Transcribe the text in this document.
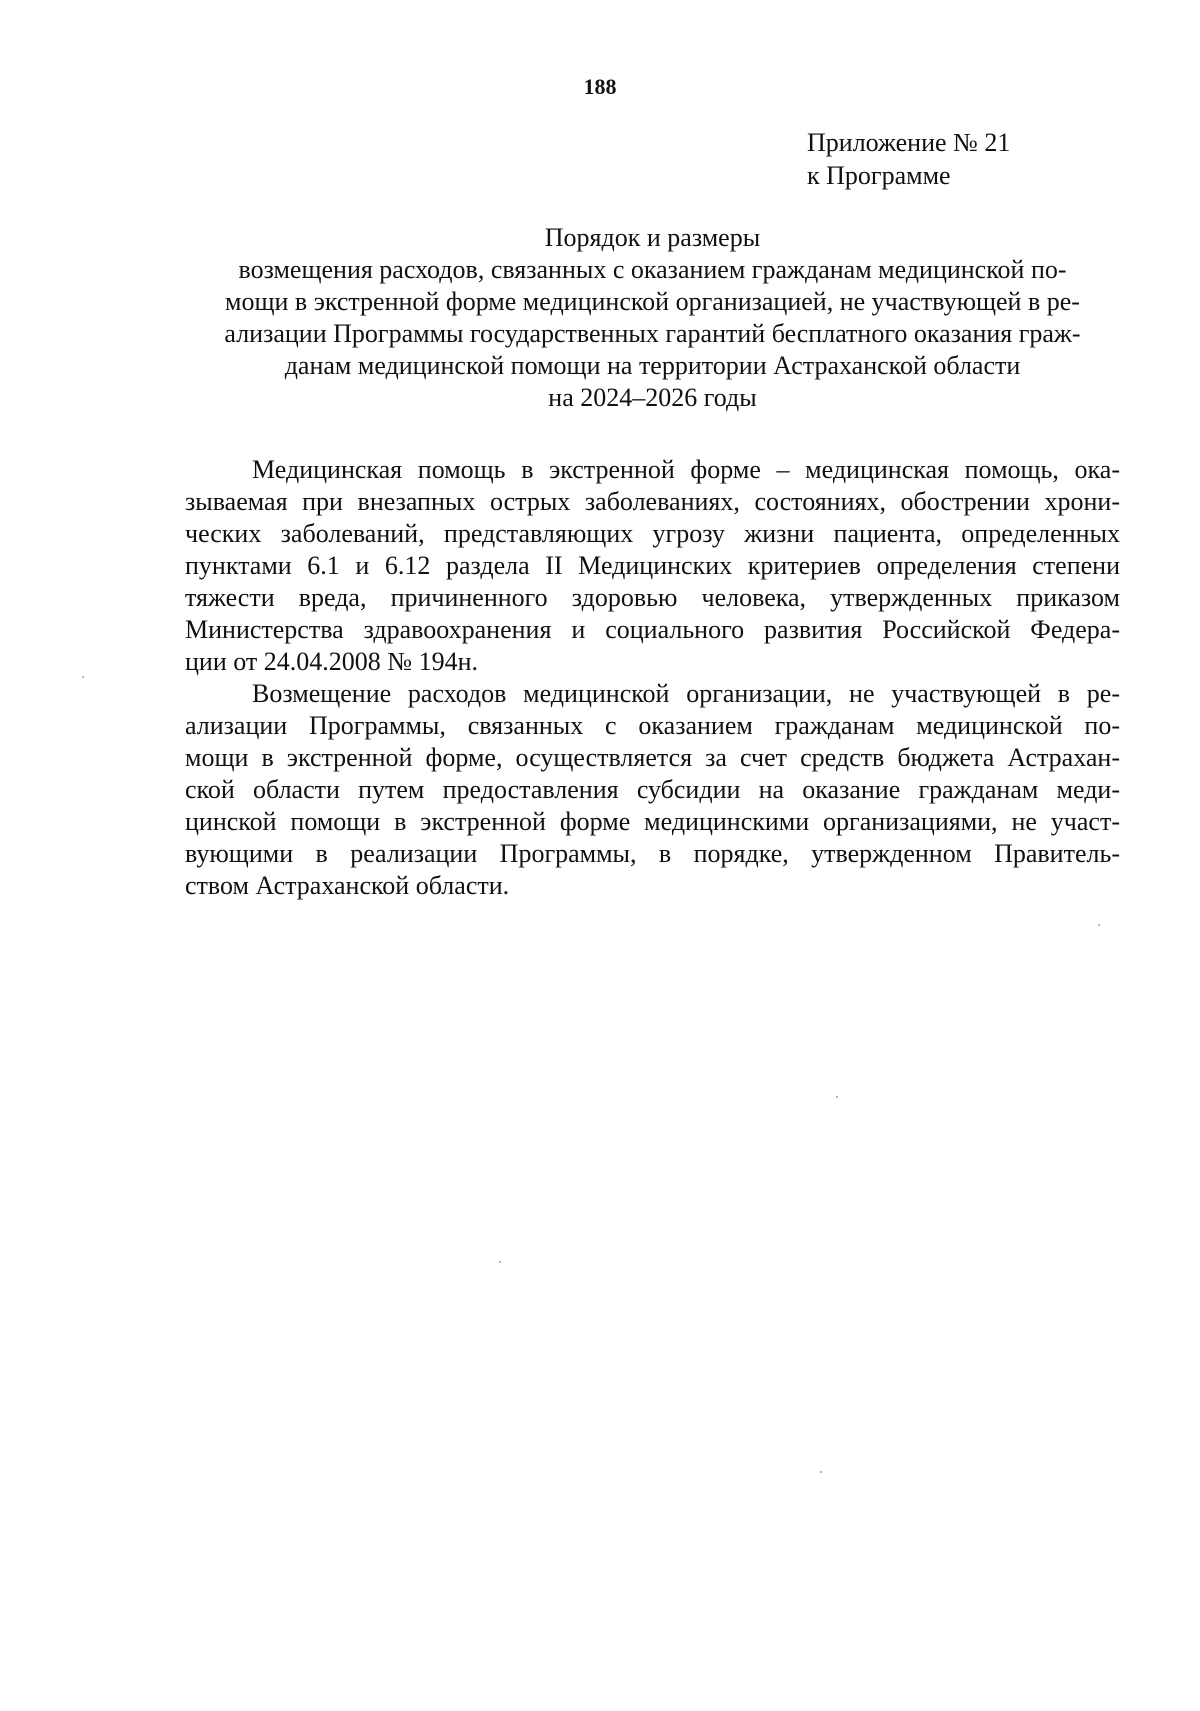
188
Приложение № 21
к Программе
Порядок и размеры
возмещения расходов, связанных с оказанием гражданам медицинской по-
мощи в экстренной форме медицинской организацией, не участвующей в ре-
ализации Программы государственных гарантий бесплатного оказания граж-
данам медицинской помощи на территории Астраханской области
на 2024–2026 годы
Медицинская помощь в экстренной форме – медицинская помощь, ока-
зываемая при внезапных острых заболеваниях, состояниях, обострении хрони-
ческих заболеваний, представляющих угрозу жизни пациента, определенных
пунктами 6.1 и 6.12 раздела II Медицинских критериев определения степени
тяжести вреда, причиненного здоровью человека, утвержденных приказом
Министерства здравоохранения и социального развития Российской Федера-
ции от 24.04.2008 № 194н.
Возмещение расходов медицинской организации, не участвующей в ре-
ализации Программы, связанных с оказанием гражданам медицинской по-
мощи в экстренной форме, осуществляется за счет средств бюджета Астрахан-
ской области путем предоставления субсидии на оказание гражданам меди-
цинской помощи в экстренной форме медицинскими организациями, не участ-
вующими в реализации Программы, в порядке, утвержденном Правитель-
ством Астраханской области.
